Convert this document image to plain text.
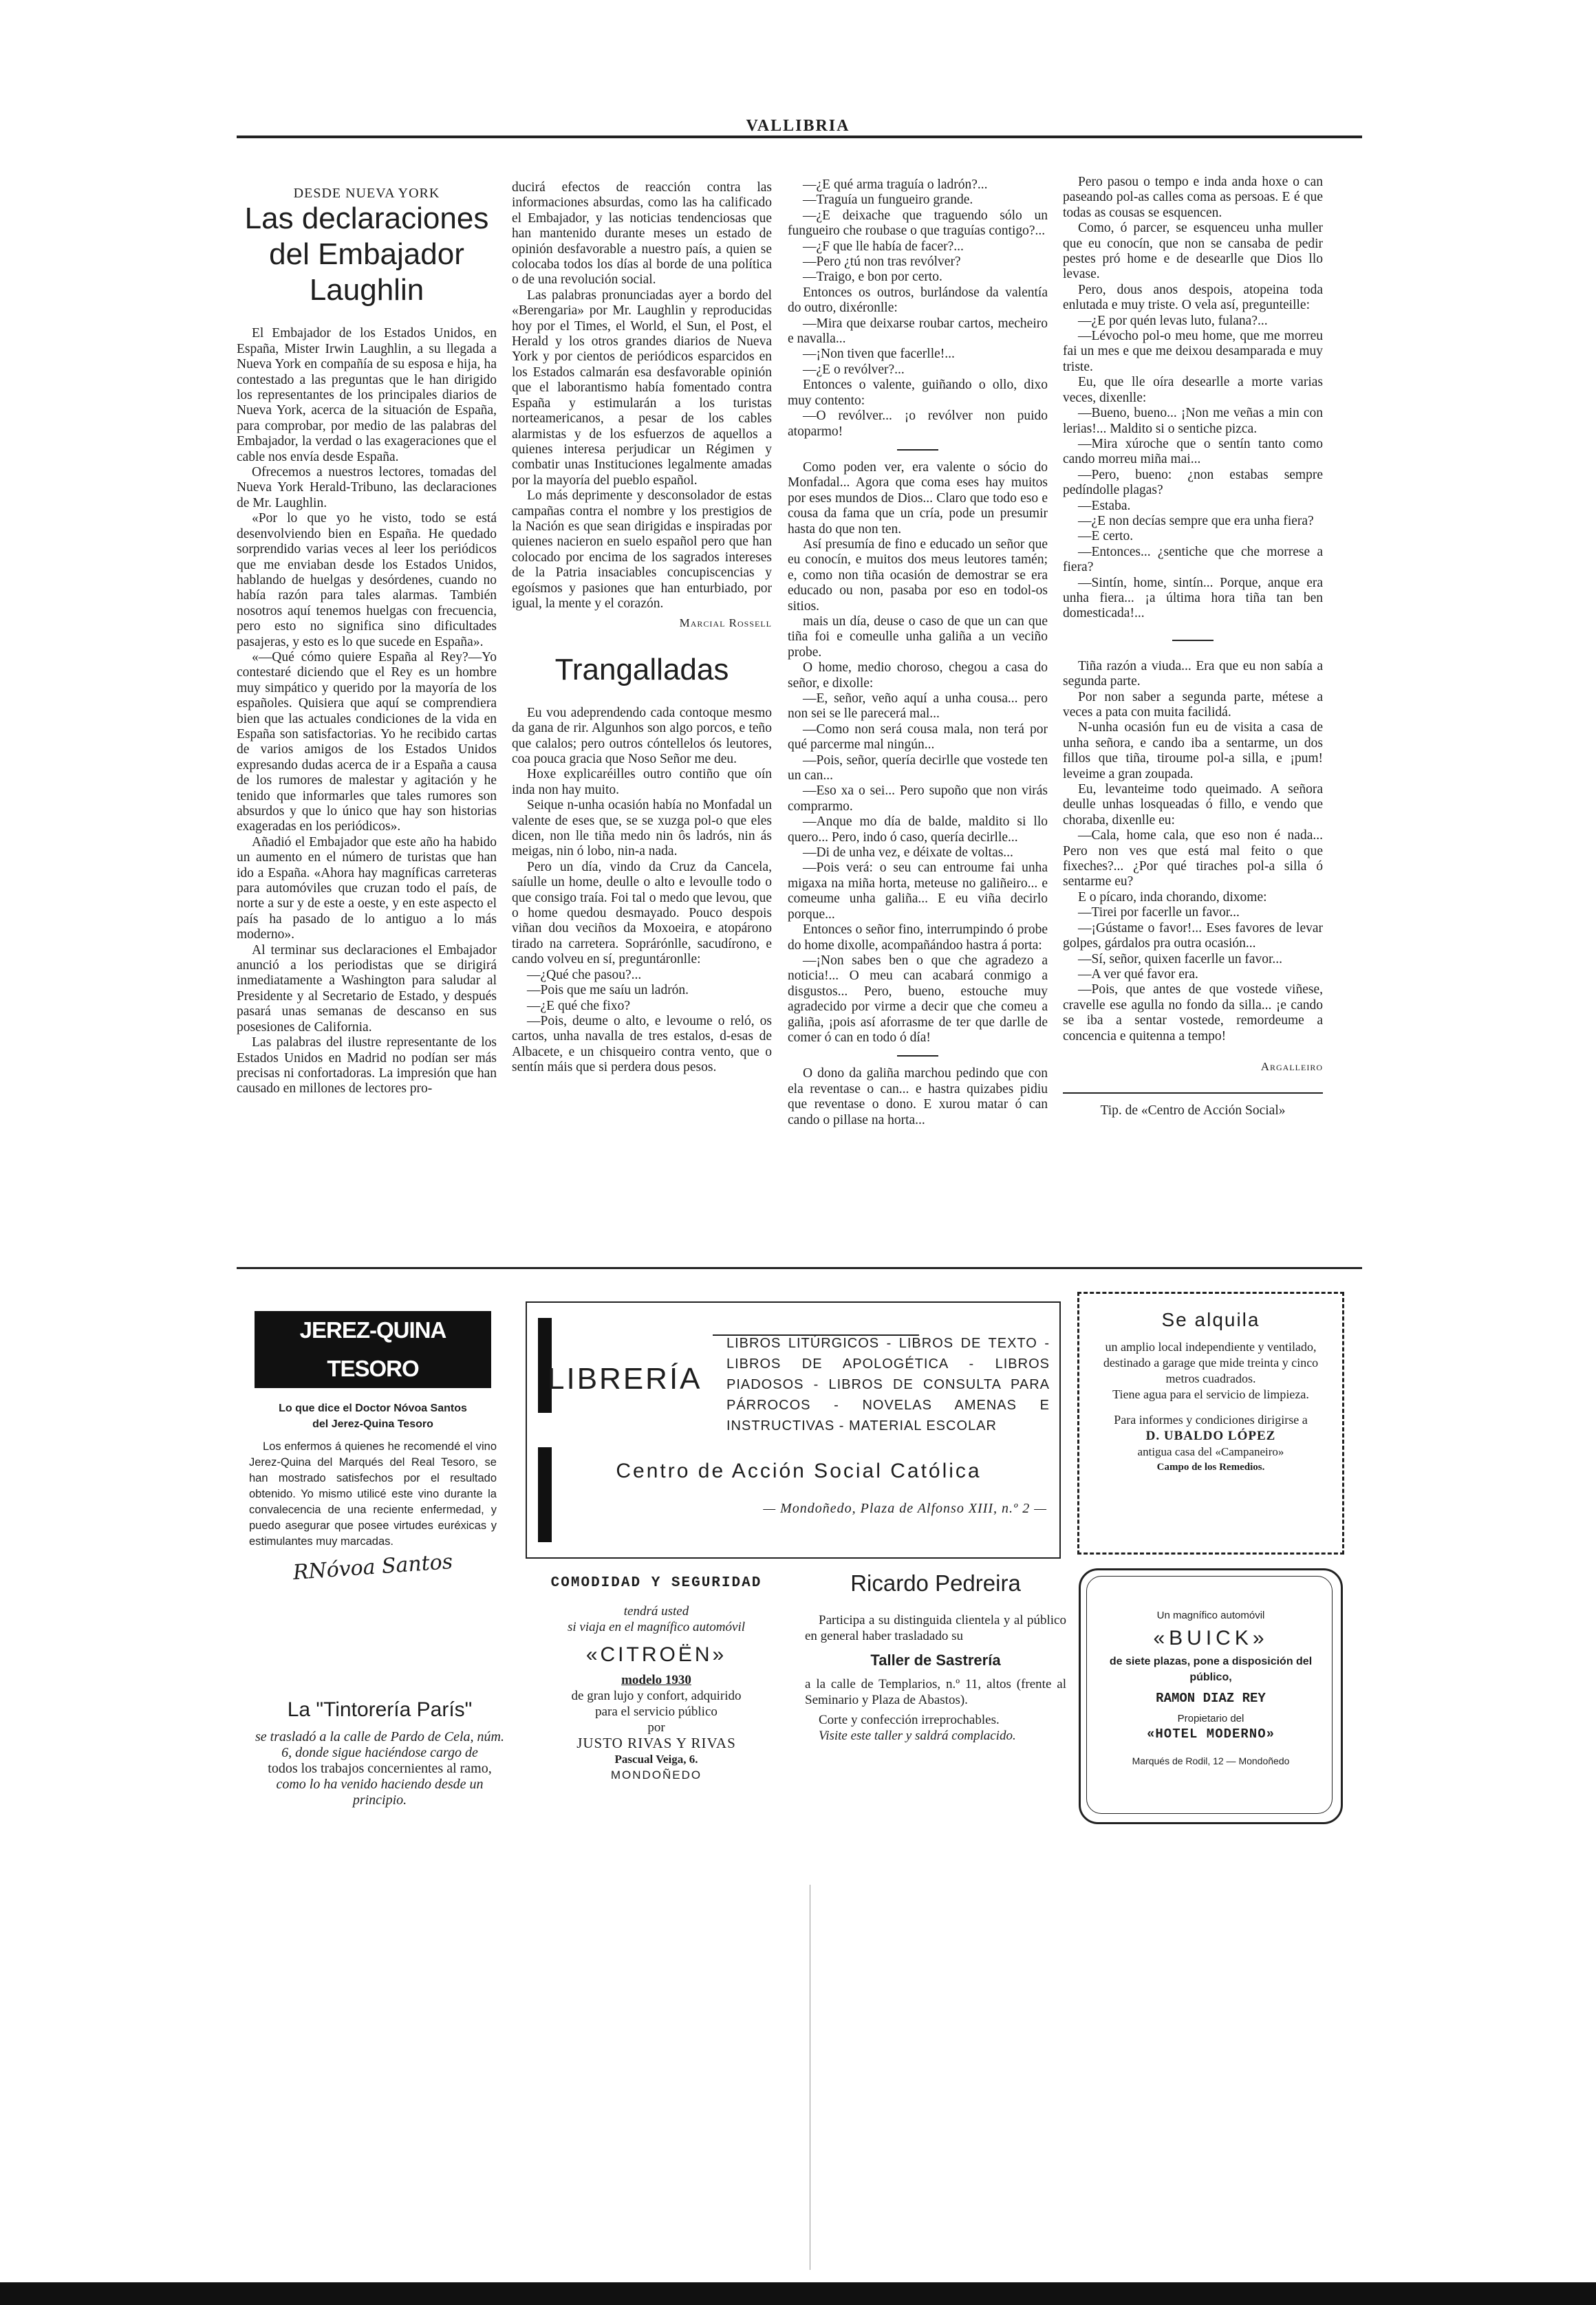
VALLIBRIA

DESDE NUEVA YORK

Las declaraciones del Embajador Laughlin

El Embajador de los Estados Unidos, en España, Mister Irwin Laughlin, a su llegada a Nueva York en compañía de su esposa e hija, ha contestado a las preguntas que le han dirigido los representantes de los principales diarios de Nueva York, acerca de la situación de España, para comprobar, por medio de las palabras del Embajador, la verdad o las exageraciones que el cable nos envía desde España.

Ofrecemos a nuestros lectores, tomadas del Nueva York Herald-Tribuno, las declaraciones de Mr. Laughlin.

«Por lo que yo he visto, todo se está desenvolviendo bien en España. He quedado sorprendido varias veces al leer los periódicos que me enviaban desde los Estados Unidos, hablando de huelgas y desórdenes, cuando no había razón para tales alarmas. También nosotros aquí tenemos huelgas con frecuencia, pero esto no significa sino dificultades pasajeras, y esto es lo que sucede en España».

«—Qué cómo quiere España al Rey?—Yo contestaré diciendo que el Rey es un hombre muy simpático y querido por la mayoría de los españoles. Quisiera que aquí se comprendiera bien que las actuales condiciones de la vida en España son satisfactorias. Yo he recibido cartas de varios amigos de los Estados Unidos expresando dudas acerca de ir a España a causa de los rumores de malestar y agitación y he tenido que informarles que tales rumores son absurdos y que lo único que hay son historias exageradas en los periódicos».

Añadió el Embajador que este año ha habido un aumento en el número de turistas que han ido a España. «Ahora hay magníficas carreteras para automóviles que cruzan todo el país, de norte a sur y de este a oeste, y en este aspecto el país ha pasado de lo antiguo a lo más moderno».

Al terminar sus declaraciones el Embajador anunció a los periodistas que se dirigirá inmediatamente a Washington para saludar al Presidente y al Secretario de Estado, y después pasará unas semanas de descanso en sus posesiones de California.

Las palabras del ilustre representante de los Estados Unidos en Madrid no podían ser más precisas ni confortadoras. La impresión que han causado en millones de lectores pro-

ducirá efectos de reacción contra las informaciones absurdas, como las ha calificado el Embajador, y las noticias tendenciosas que han mantenido durante meses un estado de opinión desfavorable a nuestro país, a quien se colocaba todos los días al borde de una política o de una revolución social.

Las palabras pronunciadas ayer a bordo del «Berengaria» por Mr. Laughlin y reproducidas hoy por el Times, el World, el Sun, el Post, el Herald y los otros grandes diarios de Nueva York y por cientos de periódicos esparcidos en los Estados calmarán esa desfavorable opinión que el laborantismo había fomentado contra España y estimularán a los turistas norteamericanos, a pesar de los cables alarmistas y de los esfuerzos de aquellos a quienes interesa perjudicar un Régimen y combatir unas Instituciones legalmente amadas por la mayoría del pueblo español.

Lo más deprimente y desconsolador de estas campañas contra el nombre y los prestigios de la Nación es que sean dirigidas e inspiradas por quienes nacieron en suelo español pero que han colocado por encima de los sagrados intereses de la Patria insaciables concupiscencias y egoísmos y pasiones que han enturbiado, por igual, la mente y el corazón.

Marcial Rossell
Trangalladas

Eu vou adeprendendo cada contoque mesmo da gana de rir. Algunhos son algo porcos, e teño que calalos; pero outros cóntellelos ós leutores, coa pouca gracia que Noso Señor me deu.

Hoxe explicaréilles outro contiño que oín inda non hay muito.

Seique n-unha ocasión había no Monfadal un valente de eses que, se se xuzga pol-o que eles dicen, non lle tiña medo nin ôs ladrós, nin ás meigas, nin ó lobo, nin-a nada.

Pero un día, vindo da Cruz da Cancela, saíulle un home, deulle o alto e levoulle todo o que consigo traía. Foi tal o medo que levou, que o home quedou desmayado. Pouco despois viñan dou veciños da Moxoeira, e atopárono tirado na carretera. Soprárónlle, sacudírono, e cando volveu en sí, preguntáronlle:

—¿Qué che pasou?...

—Pois que me saíu un ladrón.

—¿E qué che fixo?

—Pois, deume o alto, e levoume o reló, os cartos, unha navalla de tres estalos, d-esas de Albacete, e un chisqueiro contra vento, que o sentín máis que si perdera dous pesos.

—¿E qué arma traguía o ladrón?...

—Traguía un fungueiro grande.

—¿E deixache que traguendo sólo un fungueiro che roubase o que traguías contigo?...

—¿F que lle había de facer?...

—Pero ¿tú non tras revólver?

—Traigo, e bon por certo.

Entonces os outros, burlándose da valentía do outro, dixéronlle:

—Mira que deixarse roubar cartos, mecheiro e navalla...

—¡Non tiven que facerlle!...

—¿E o revólver?...

Entonces o valente, guiñando o ollo, dixo muy contento:

—O revólver... ¡o revólver non puido atoparmo!

Como poden ver, era valente o sócio do Monfadal... Agora que coma eses hay muitos por eses mundos de Dios... Claro que todo eso e cousa da fama que un cría, pode un presumir hasta do que non ten.

Así presumía de fino e educado un señor que eu conocín, e muitos dos meus leutores tamén; e, como non tiña ocasión de demostrar se era educado ou non, pasaba por eso en todol-os sitios.

mais un día, deuse o caso de que un can que tiña foi e comeulle unha galiña a un veciño probe.

O home, medio choroso, chegou a casa do señor, e dixolle:

—E, señor, veño aquí a unha cousa... pero non sei se lle parecerá mal...

—Como non será cousa mala, non terá por qué parcerme mal ningún...

—Pois, señor, quería decirlle que vostede ten un can...

—Eso xa o sei... Pero supoño que non virás comprarmo.

—Anque mo día de balde, maldito si llo quero... Pero, indo ó caso, quería decirlle...

—Di de unha vez, e déixate de voltas...

—Pois verá: o seu can entroume fai unha migaxa na miña horta, meteuse no galiñeiro... e comeume unha galiña... E eu viña decirlo porque...

Entonces o señor fino, interrumpindo ó probe do home dixolle, acompañándoo hastra á porta:

—¡Non sabes ben o que che agradezo a noticia!... O meu can acabará conmigo a disgustos... Pero, bueno, estouche muy agradecido por virme a decir que che comeu a galiña, ¡pois así aforrasme de ter que darlle de comer ó can en todo ó día!

O dono da galiña marchou pedindo que con ela reventase o can... e hastra quizabes pidiu que reventase o dono. E xurou matar ó can cando o pillase na horta...

Pero pasou o tempo e inda anda hoxe o can paseando pol-as calles coma as persoas. E é que todas as cousas se esquencen.

Como, ó parcer, se esquenceu unha muller que eu conocín, que non se cansaba de pedir pestes pró home e de desearlle que Dios llo levase.

Pero, dous anos despois, atopeina toda enlutada e muy triste. O vela así, pregunteille:

—¿E por quén levas luto, fulana?...

—Lévocho pol-o meu home, que me morreu fai un mes e que me deixou desamparada e muy triste.

Eu, que lle oíra desearlle a morte varias veces, dixenlle:

—Bueno, bueno... ¡Non me veñas a min con lerias!... Maldito si o sentiche pizca.

—Mira xúroche que o sentín tanto como cando morreu miña mai...

—Pero, bueno: ¿non estabas sempre pedíndolle plagas?

—Estaba.

—¿E non decías sempre que era unha fiera?

—E certo.

—Entonces... ¿sentiche que che morrese a fiera?

—Sintín, home, sintín... Porque, anque era unha fiera... ¡a última hora tiña tan ben domesticada!...

Tiña razón a viuda... Era que eu non sabía a segunda parte.

Por non saber a segunda parte, métese a veces a pata con muita facilidá.

N-unha ocasión fun eu de visita a casa de unha señora, e cando iba a sentarme, un dos fillos que tiña, tiroume pol-a silla, e ¡pum! leveime a gran zoupada.

Eu, levanteime todo queimado. A señora deulle unhas losqueadas ó fillo, e vendo que choraba, dixenlle eu:

—Cala, home cala, que eso non é nada... Pero non ves que está mal feito o que fixeches?... ¿Por qué tiraches pol-a silla ó sentarme eu?

E o pícaro, inda chorando, dixome:

—Tirei por facerlle un favor...

—¡Gústame o favor!... Eses favores de levar golpes, gárdalos pra outra ocasión...

—Sí, señor, quixen facerlle un favor...

—A ver qué favor era.

—Pois, que antes de que vostede viñese, cravelle ese agulla no fondo da silla... ¡e cando se iba a sentar vostede, remordeume a concencia e quitenna a tempo!

Argalleiro

Tip. de «Centro de Acción Social»

JEREZ-QUINA TESORO

Lo que dice el Doctor Nóvoa Santos

del Jerez-Quina Tesoro

Los enfermos á quienes he recomendé el vino Jerez-Quina del Marqués del Real Tesoro, se han mostrado satisfechos por el resultado obtenido. Yo mismo utilicé este vino durante la convalecencia de una reciente enfermedad, y puedo asegurar que posee virtudes euréxicas y estimulantes muy marcadas.

RNóvoa Santos

La "Tintorería París"

se trasladó a la calle de Pardo de Cela, núm. 6, donde sigue haciéndose cargo de

todos los trabajos concernientes al ramo,

como lo ha venido haciendo desde un principio.

LIBRERÍA
LIBROS LITÚRGICOS - LIBROS DE TEXTO - LIBROS DE APOLOGÉTICA - LIBROS PIADOSOS - LIBROS DE CONSULTA PARA PÁRROCOS - NOVELAS AMENAS E INSTRUCTIVAS - MATERIAL ESCOLAR
Centro de Acción Social Católica
— Mondoñedo, Plaza de Alfonso XIII, n.º 2 —

COMODIDAD Y SEGURIDAD

tendrá usted

si viaja en el magnífico automóvil

«CITROËN»

modelo 1930

de gran lujo y confort, adquirido

para el servicio público

por

JUSTO RIVAS Y RIVAS

Pascual Veiga, 6.

MONDOÑEDO

Ricardo Pedreira

Participa a su distinguida clientela y al público en general haber trasladado su

Taller de Sastrería

a la calle de Templarios, n.º 11, altos (frente al Seminario y Plaza de Abastos).

Corte y confección irreprochables.

Visite este taller y saldrá complacido.

Se alquila

un amplio local independiente y ventilado, destinado a garage que mide treinta y cinco metros cuadrados.

Tiene agua para el servicio de limpieza.

Para informes y condiciones dirigirse a

D. UBALDO LÓPEZ

antigua casa del «Campaneiro»

Campo de los Remedios.

Un magnífico automóvil

«BUICK»

de siete plazas, pone a disposición del público,

RAMON DIAZ REY

Propietario del

«HOTEL MODERNO»

Marqués de Rodil, 12 — Mondoñedo
